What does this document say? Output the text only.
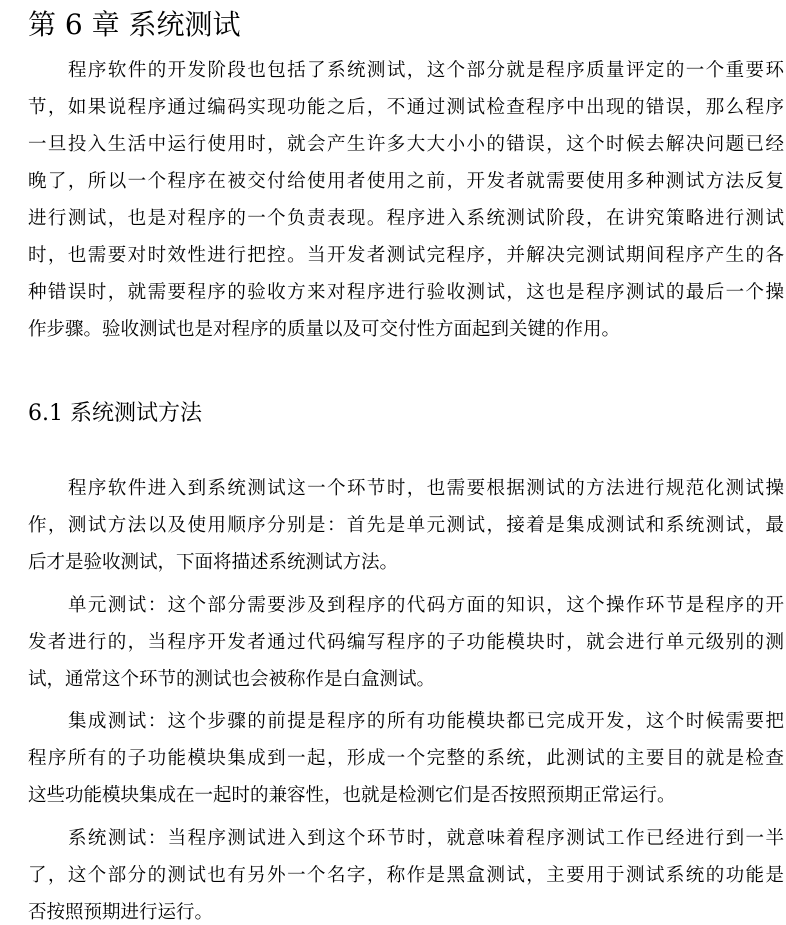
第 6 章 系统测试
程序软件的开发阶段也包括了系统测试，这个部分就是程序质量评定的一个重要环
节，如果说程序通过编码实现功能之后，不通过测试检查程序中出现的错误，那么程序
一旦投入生活中运行使用时，就会产生许多大大小小的错误，这个时候去解决问题已经
晚了，所以一个程序在被交付给使用者使用之前，开发者就需要使用多种测试方法反复
进行测试，也是对程序的一个负责表现。程序进入系统测试阶段，在讲究策略进行测试
时，也需要对时效性进行把控。当开发者测试完程序，并解决完测试期间程序产生的各
种错误时，就需要程序的验收方来对程序进行验收测试，这也是程序测试的最后一个操
作步骤。验收测试也是对程序的质量以及可交付性方面起到关键的作用。
6.1 系统测试方法
程序软件进入到系统测试这一个环节时，也需要根据测试的方法进行规范化测试操
作，测试方法以及使用顺序分别是：首先是单元测试，接着是集成测试和系统测试，最
后才是验收测试，下面将描述系统测试方法。
单元测试：这个部分需要涉及到程序的代码方面的知识，这个操作环节是程序的开
发者进行的，当程序开发者通过代码编写程序的子功能模块时，就会进行单元级别的测
试，通常这个环节的测试也会被称作是白盒测试。
集成测试：这个步骤的前提是程序的所有功能模块都已完成开发，这个时候需要把
程序所有的子功能模块集成到一起，形成一个完整的系统，此测试的主要目的就是检查
这些功能模块集成在一起时的兼容性，也就是检测它们是否按照预期正常运行。
系统测试：当程序测试进入到这个环节时，就意味着程序测试工作已经进行到一半
了，这个部分的测试也有另外一个名字，称作是黑盒测试，主要用于测试系统的功能是
否按照预期进行运行。
